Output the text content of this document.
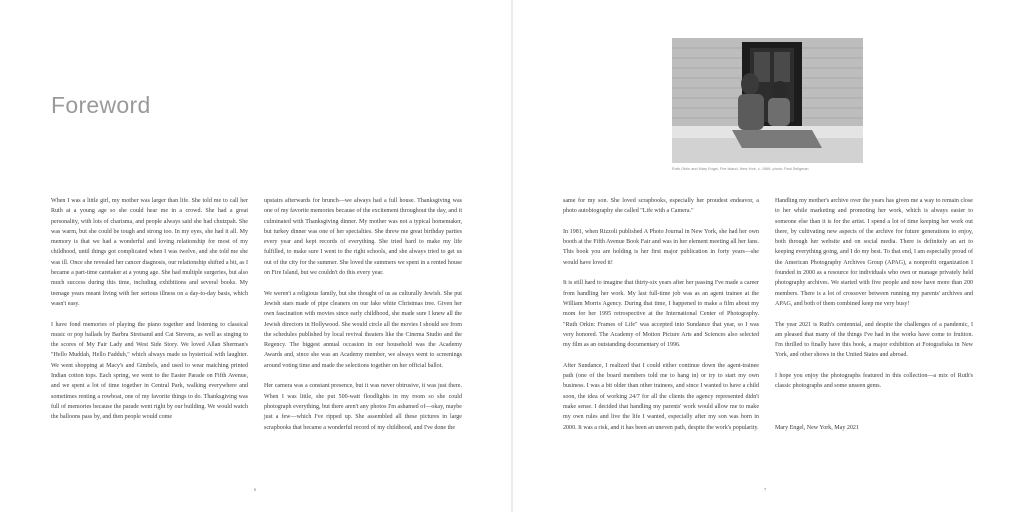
Foreword

When I was a little girl, my mother was larger than life. She told me to call her Ruth at a young age so she could hear me in a crowd. She had a great personality, with lots of charisma, and people always said she had chutzpah. She was warm, but she could be tough and strong too. In my eyes, she had it all. My memory is that we had a wonderful and loving relationship for most of my childhood, until things got complicated when I was twelve, and she told me she was ill. Once she revealed her cancer diagnosis, our relationship shifted a bit, as I became a part-time caretaker at a young age. She had multiple surgeries, but also much success during this time, including exhibitions and several books. My teenage years meant living with her serious illness on a day-to-day basis, which wasn't easy.

I have fond memories of playing the piano together and listening to classical music or pop ballads by Barbra Streisand and Cat Stevens, as well as singing to the scores of My Fair Lady and West Side Story. We loved Allan Sherman's "Hello Muddah, Hello Fadduh," which always made us hysterical with laughter. We went shopping at Macy's and Gimbels, and used to wear matching printed Indian cotton tops. Each spring, we went to the Easter Parade on Fifth Avenue, and we spent a lot of time together in Central Park, walking everywhere and sometimes renting a rowboat, one of my favorite things to do. Thanksgiving was full of memories because the parade went right by our building. We would watch the balloons pass by, and then people would come

upstairs afterwards for brunch—we always had a full house. Thanksgiving was one of my favorite memories because of the excitement throughout the day, and it culminated with Thanksgiving dinner. My mother was not a typical homemaker, but turkey dinner was one of her specialties. She threw me great birthday parties every year and kept records of everything. She tried hard to make my life fulfilled, to make sure I went to the right schools, and she always tried to get us out of the city for the summer. She loved the summers we spent in a rented house on Fire Island, but we couldn't do this every year.

We weren't a religious family, but she thought of us as culturally Jewish. She put Jewish stars made of pipe cleaners on our fake white Christmas tree. Given her own fascination with movies since early childhood, she made sure I knew all the Jewish directors in Hollywood. She would circle all the movies I should see from the schedules published by local revival theaters like the Cinema Studio and the Regency. The biggest annual occasion in our household was the Academy Awards and, since she was an Academy member, we always went to screenings around voting time and made the selections together on her official ballot.

Her camera was a constant presence, but it was never obtrusive, it was just there. When I was little, she put 500-watt floodlights in my room so she could photograph everything, but there aren't any photos I'm ashamed of—okay, maybe just a few—which I've ripped up. She assembled all these pictures in large scrapbooks that became a wonderful record of my childhood, and I've done the

6
Ruth Orkin and Mary Engel, Fire Island, New York, c. 1966. photo: Paul Seligman

same for my son. She loved scrapbooks, especially her proudest endeavor, a photo autobiography she called "Life with a Camera."

In 1981, when Rizzoli published A Photo Journal in New York, she had her own booth at the Fifth Avenue Book Fair and was in her element meeting all her fans. This book you are holding is her first major publication in forty years—she would have loved it!

It is still hard to imagine that thirty-six years after her passing I've made a career from handling her work. My last full-time job was as an agent trainee at the William Morris Agency. During that time, I happened to make a film about my mom for her 1995 retrospective at the International Center of Photography. "Ruth Orkin: Frames of Life" was accepted into Sundance that year, so I was very honored. The Academy of Motion Picture Arts and Sciences also selected my film as an outstanding documentary of 1996.

After Sundance, I realized that I could either continue down the agent-trainee path (one of the board members told me to hang in) or try to start my own business. I was a bit older than other trainees, and since I wanted to have a child soon, the idea of working 24/7 for all the clients the agency represented didn't make sense. I decided that handling my parents' work would allow me to make my own rules and live the life I wanted, especially after my son was born in 2000. It was a risk, and it has been an uneven path, despite the work's popularity.

Handling my mother's archive over the years has given me a way to remain close to her while marketing and promoting her work, which is always easier to someone else than it is for the artist. I spend a lot of time keeping her work out there, by cultivating new aspects of the archive for future generations to enjoy, both through her website and on social media. There is definitely an art to keeping everything going, and I do my best. To that end, I am especially proud of the American Photography Archives Group (APAG), a nonprofit organization I founded in 2000 as a resource for individuals who own or manage privately held photography archives. We started with five people and now have more than 200 members. There is a lot of crossover between running my parents' archives and APAG, and both of them combined keep me very busy!

The year 2021 is Ruth's centennial, and despite the challenges of a pandemic, I am pleased that many of the things I've had in the works have come to fruition. I'm thrilled to finally have this book, a major exhibition at Fotografiska in New York, and other shows in the United States and abroad.

I hope you enjoy the photographs featured in this collection—a mix of Ruth's classic photographs and some unseen gems.

Mary Engel, New York, May 2021

7
